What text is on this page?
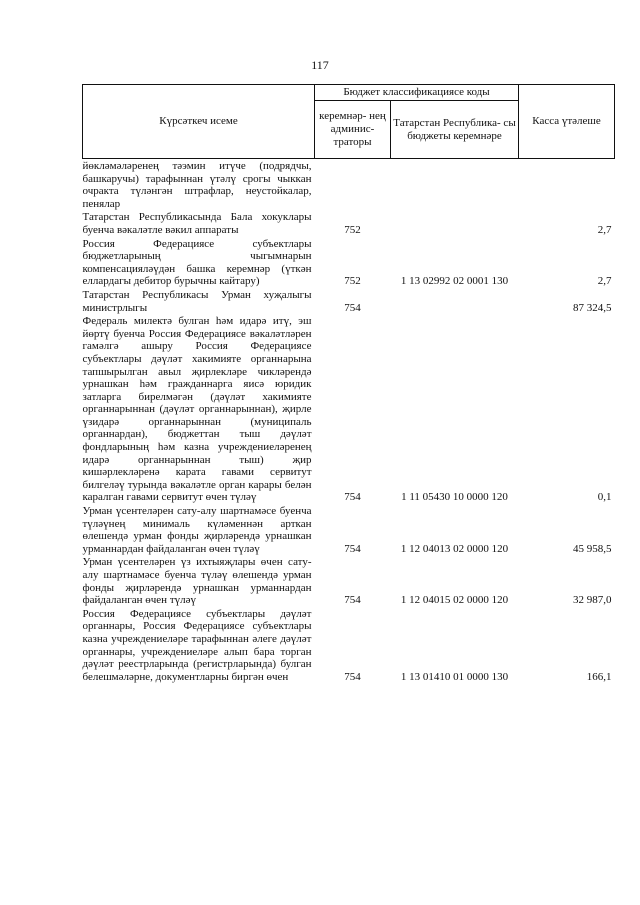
117
Күрсәткеч исеме	Бюджет классификациясе коды		Касса үтәлеше
	керемнәр- нең админис- траторы	Татарстан Республика- сы бюджеты керемнәре	
йөкләмәләренең тәэмин итүче (подрядчы, башкаручы) тарафыннан үтәлү срогы чыккан очракта түләнгән штрафлар, неустойкалар, пенялар			
Татарстан Республикасында Бала хокуклары буенча вәкаләтле вәкил аппараты	752		2,7
Россия Федерациясе субъектлары бюджетларының чыгымнарын компенсацияләүдән башка керемнәр (үткән еллардагы дебитор бурычны кайтару)	752	1 13 02992 02 0001 130	2,7
Татарстан Республикасы Урман хуҗалыгы министрлыгы	754		87 324,5
Федераль милектә булган һәм идарә итү, эш йөртү буенча Россия Федерациясе вәкаләтләрен гамәлгә ашыру Россия Федерациясе субъектлары дәүләт хакимияте органнарына тапшырылган авыл җирлекләре чикләрендә урнашкан һәм гражданнарга яисә юридик затларга бирелмәгән (дәүләт хакимияте органнарыннан (дәүләт органнарыннан), җирле үзидарә органнарыннан (муниципаль органнардан), бюджеттан тыш дәүләт фондларының һәм казна учреждениеләренең идарә органнарыннан тыш) җир кишәрлекләренә карата гавами сервитут билгеләү турында вәкаләтле орган карары белән каралган гавами сервитут өчен түләү	754	1 11 05430 10 0000 120	0,1
Урман үсентеләрен сату-алу шартнамәсе буенча түләүнең минималь күләменнән арткан өлешендә урман фонды җирләрендә урнашкан урманнардан файдаланган өчен түләү	754	1 12 04013 02 0000 120	45 958,5
Урман үсентеләрен үз ихтыяҗлары өчен сату-алу шартнамәсе буенча түләү өлешендә урман фонды җирләрендә урнашкан урманнардан файдаланган өчен түләү	754	1 12 04015 02 0000 120	32 987,0
Россия Федерациясе субъектлары дәүләт органнары, Россия Федерациясе субъектлары казна учреждениеләре тарафыннан әлеге дәүләт органнары, учреждениеләре алып бара торган дәүләт реестрларында (регистрларында) булган белешмәләрне, документларны биргән өчен	754	1 13 01410 01 0000 130	166,1
